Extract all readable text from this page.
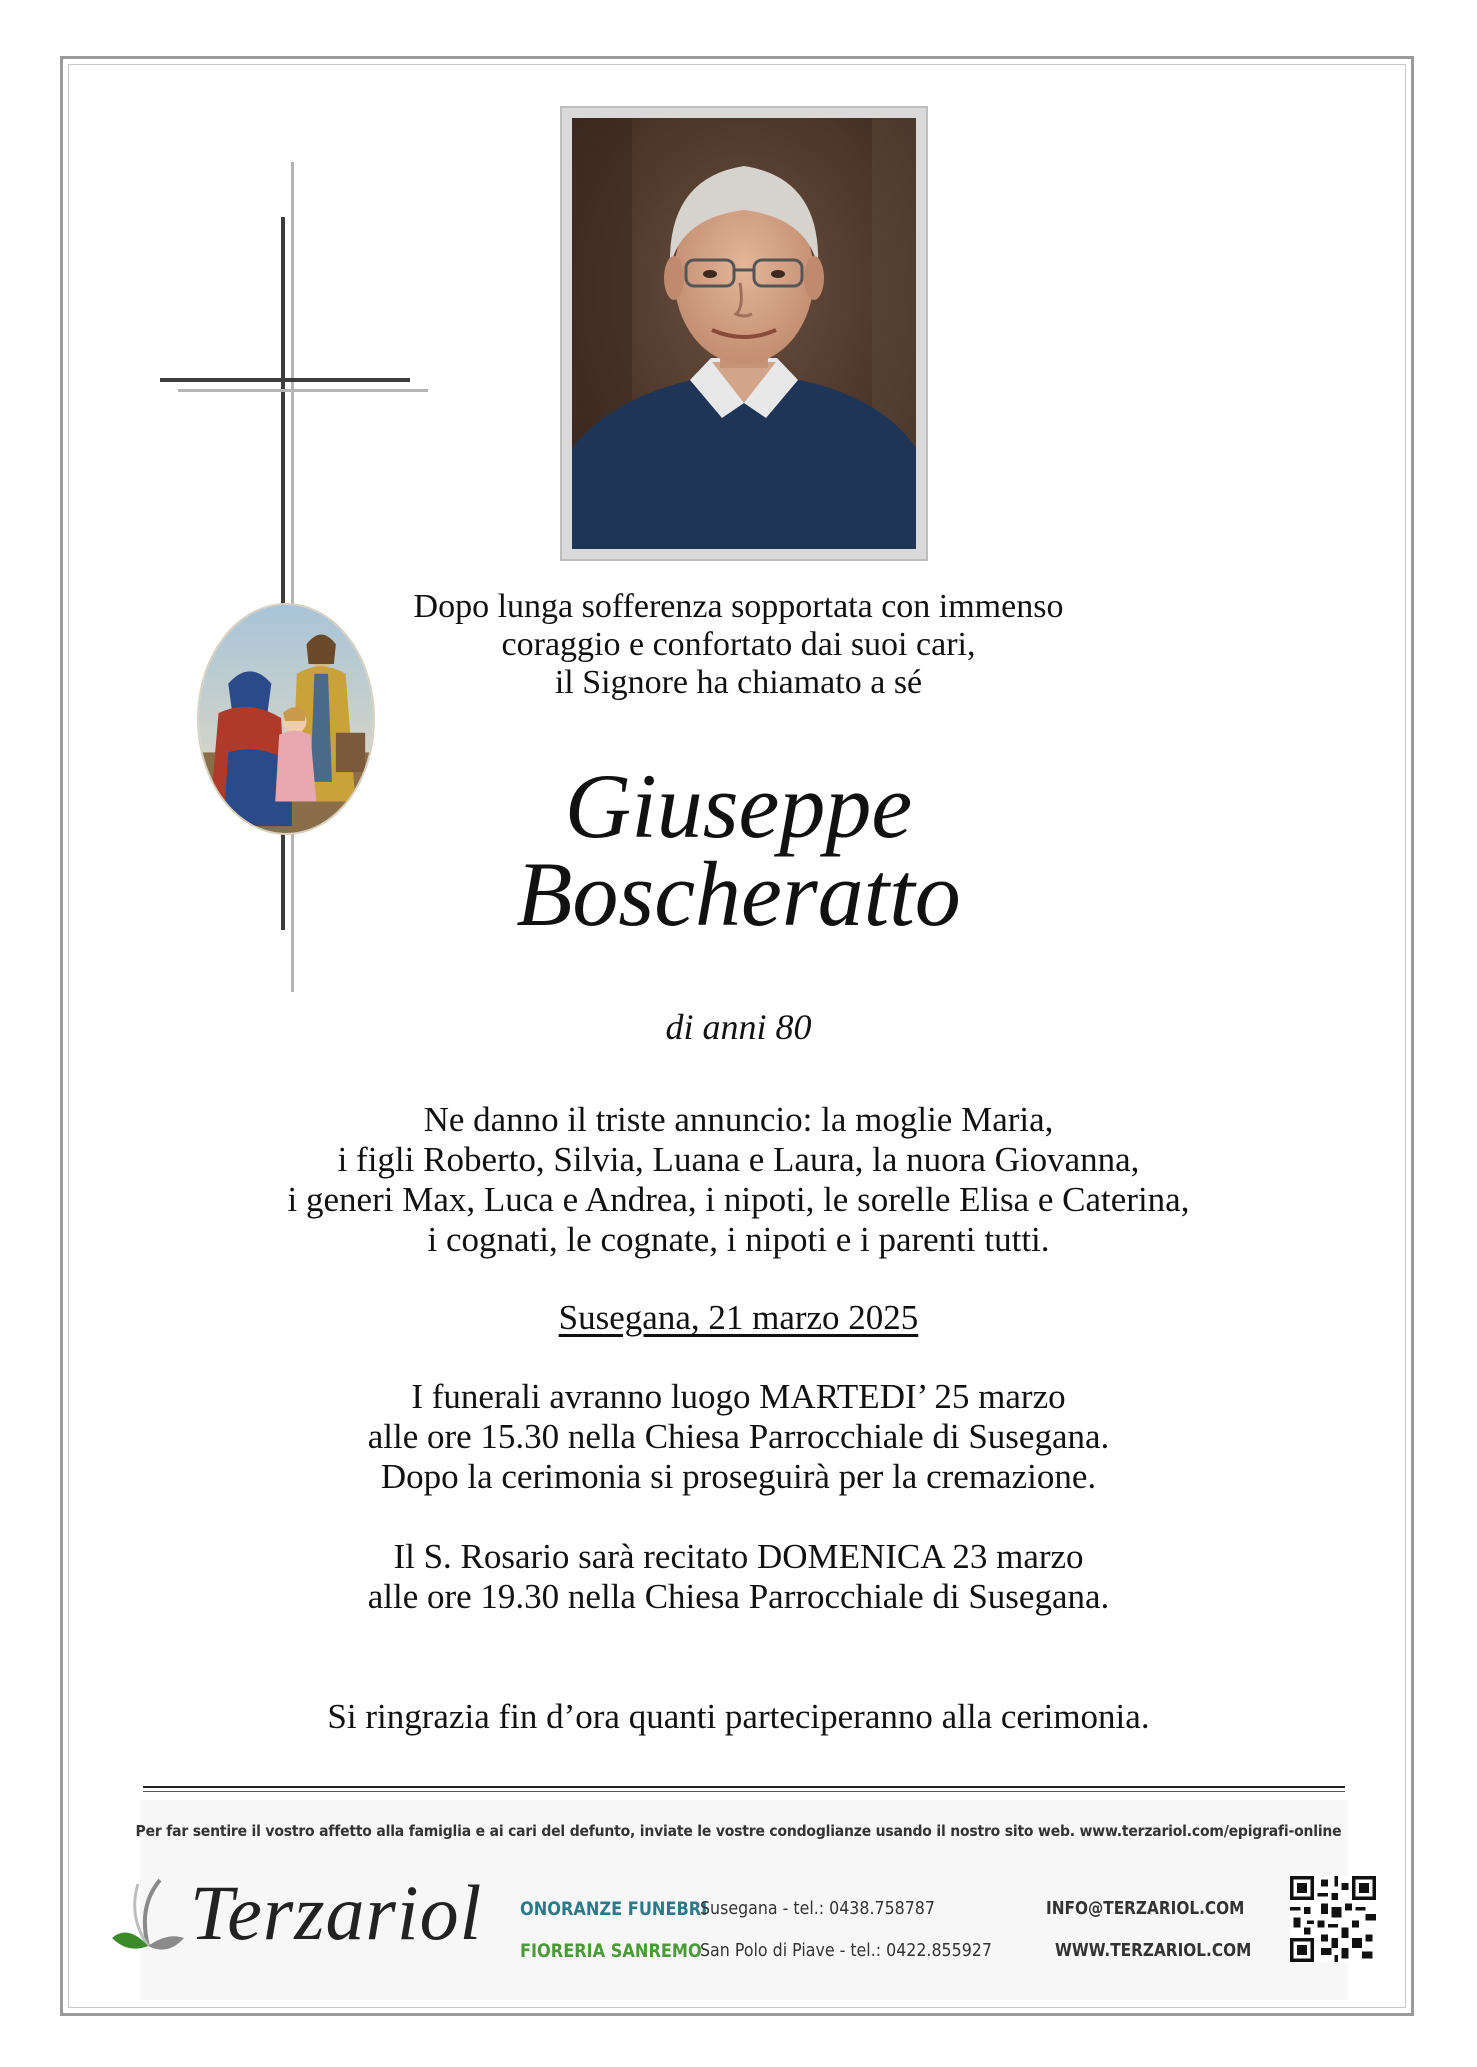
Dopo lunga sofferenza sopportata con immenso
coraggio e confortato dai suoi cari,
il Signore ha chiamato a sé
Giuseppe
Boscheratto
di anni 80
Ne danno il triste annuncio: la moglie Maria,
i figli Roberto, Silvia, Luana e Laura, la nuora Giovanna,
i generi Max, Luca e Andrea, i nipoti, le sorelle Elisa e Caterina,
i cognati, le cognate, i nipoti e i parenti tutti.
Susegana, 21 marzo 2025
I funerali avranno luogo MARTEDI’ 25 marzo
alle ore 15.30 nella Chiesa Parrocchiale di Susegana.
Dopo la cerimonia si proseguirà per la cremazione.
Il S. Rosario sarà recitato DOMENICA 23 marzo
alle ore 19.30 nella Chiesa Parrocchiale di Susegana.
Si ringrazia fin d’ora quanti parteciperanno alla cerimonia.
Per far sentire il vostro affetto alla famiglia e ai cari del defunto, inviate le vostre condoglianze usando il nostro sito web. www.terzariol.com/epigrafi-online
Terzariol ONORANZE FUNEBRI
FIORERIA SANREMO
Susegana - tel.: 0438.758787
San Polo di Piave - tel.: 0422.855927
INFO@TERZARIOL.COM
WWW.TERZARIOL.COM
